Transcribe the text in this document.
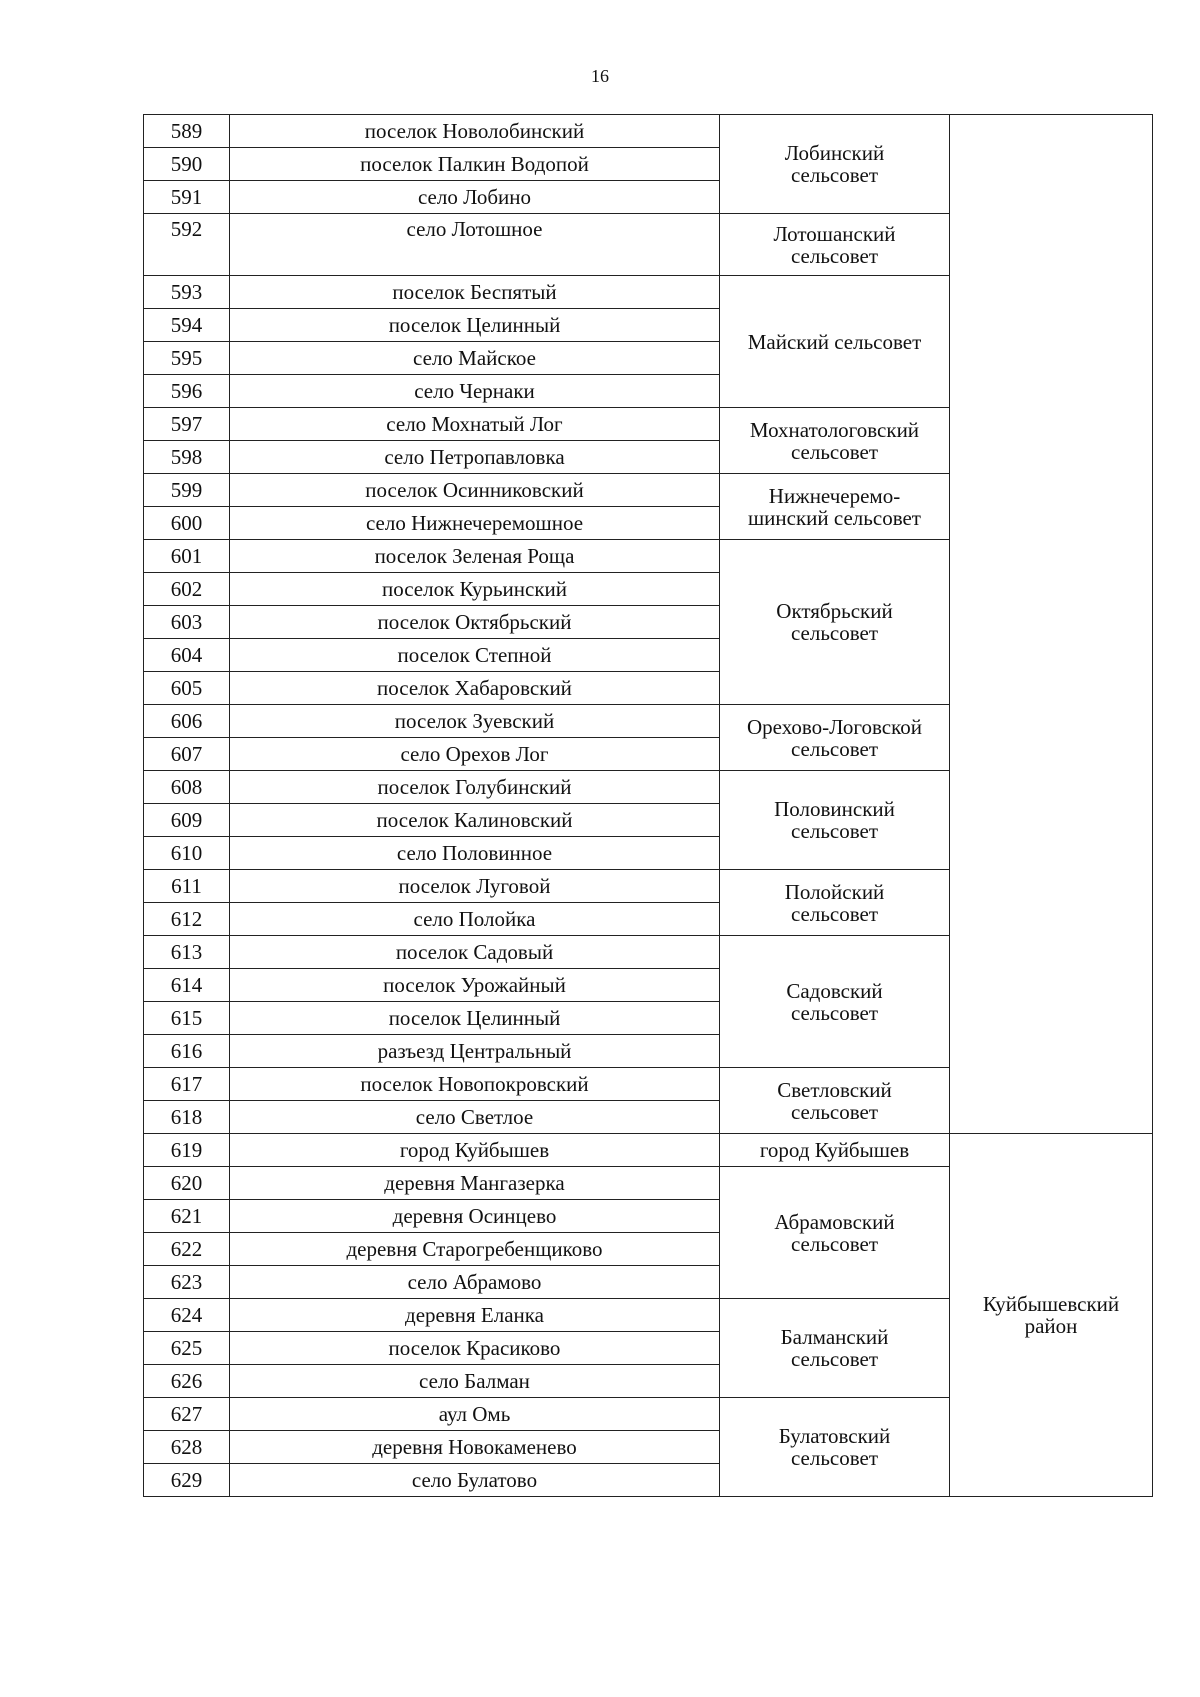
16
589	поселок Новолобинский	Лобинский
сельсовет	

590	поселок Палкин Водопой		
591	село Лобино		
592	село Лотошное	Лотошанский
сельсовет	

593	поселок Беспятый	Майский сельсовет	

594	поселок Целинный		
595	село Майское		
596	село Чернаки		
597	село Мохнатый Лог	Мохнатологовский
сельсовет	

598	село Петропавловка		
599	поселок Осинниковский	Нижнечеремо-
шинский сельсовет	

600	село Нижнечеремошное		
601	поселок Зеленая Роща	Октябрьский
сельсовет	

602	поселок Курьинский		
603	поселок Октябрьский		
604	поселок Степной		
605	поселок Хабаровский		
606	поселок Зуевский	Орехово-Логовской
сельсовет	

607	село Орехов Лог		
608	поселок Голубинский	Половинский
сельсовет	

609	поселок Калиновский		
610	село Половинное		
611	поселок Луговой	Полойский
сельсовет	

612	село Полойка		
613	поселок Садовый	Садовский
сельсовет	

614	поселок Урожайный		
615	поселок Целинный		
616	разъезд Центральный		
617	поселок Новопокровский	Светловский
сельсовет	

618	село Светлое		
619	город Куйбышев	город Куйбышев	Куйбышевский
район

620	деревня Мангазерка	Абрамовский
сельсовет	

621	деревня Осинцево		
622	деревня Старогребенщиково		
623	село Абрамово		
624	деревня Еланка	Балманский
сельсовет	

625	поселок Красиково		
626	село Балман		
627	аул Омь	Булатовский
сельсовет	

628	деревня Новокаменево		
629	село Булатово		
